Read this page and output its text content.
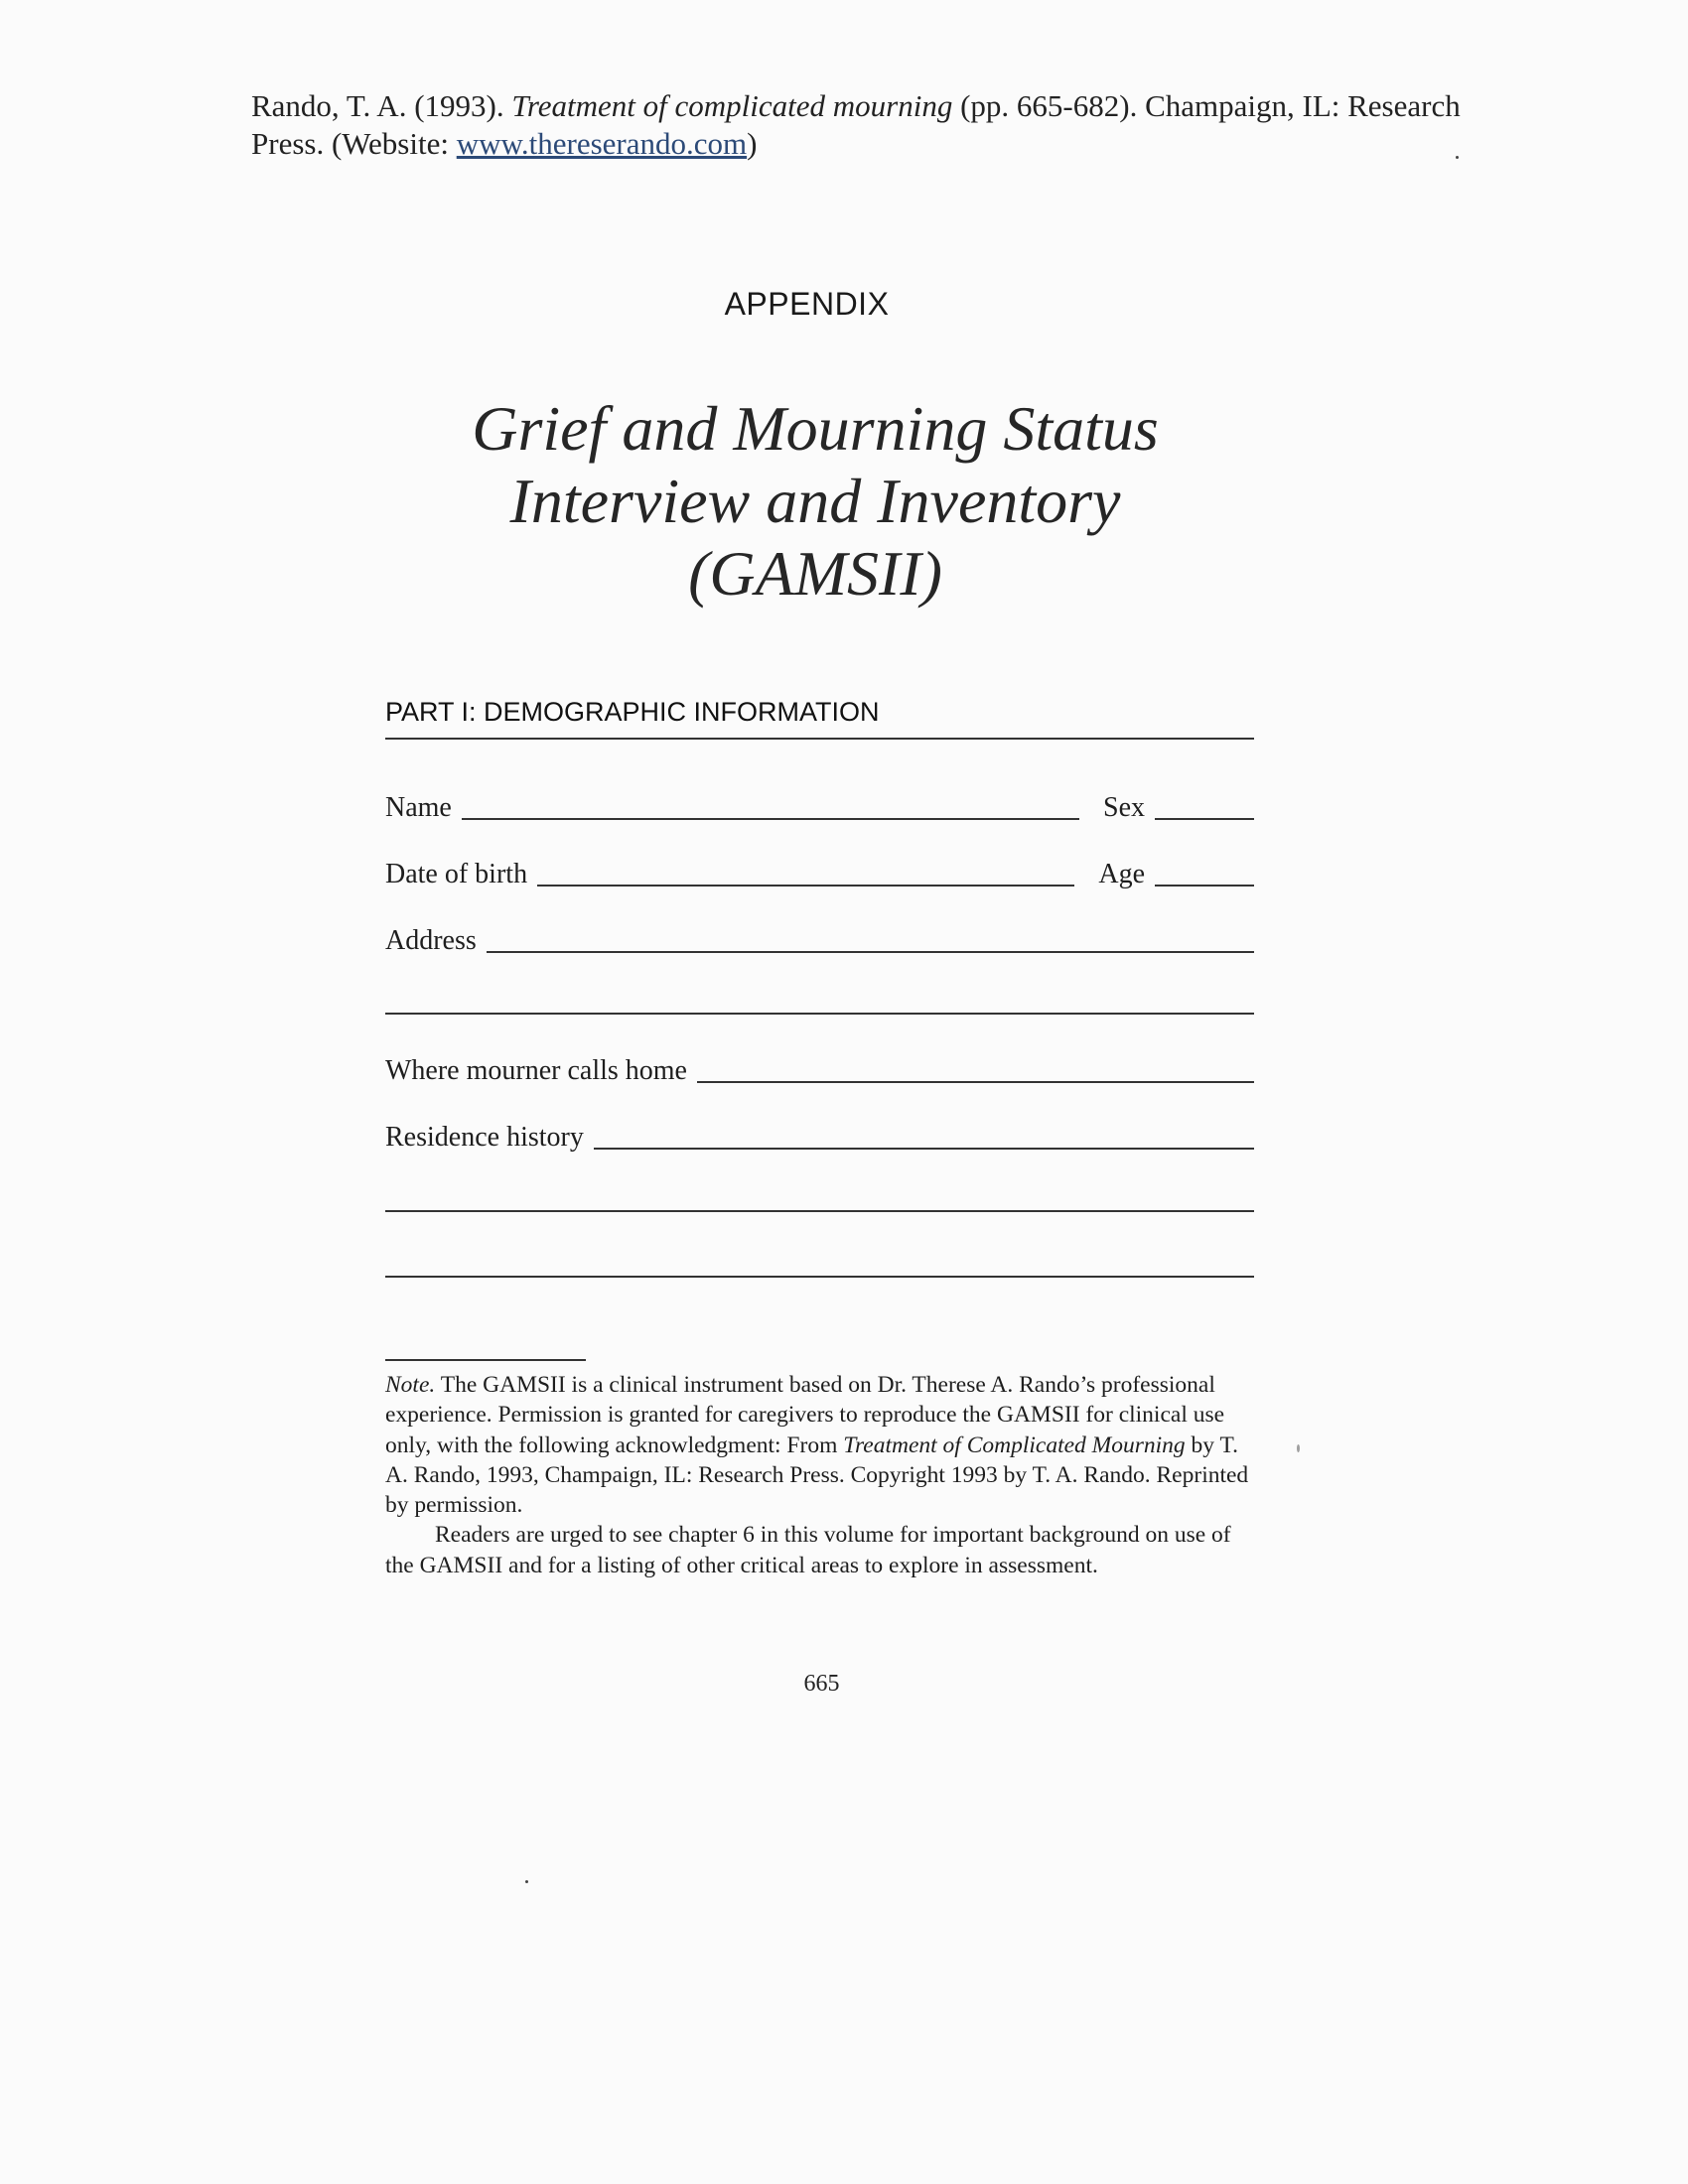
Rando, T. A. (1993). Treatment of complicated mourning (pp. 665-682). Champaign, IL: Research Press. (Website: www.thereserando.com)
APPENDIX
Grief and Mourning Status
Interview and Inventory
(GAMSII)
PART I: DEMOGRAPHIC INFORMATION
Name	Sex
Date of birth	Age
Address
Where mourner calls home
Residence history

Note. The GAMSII is a clinical instrument based on Dr. Therese A. Rando’s professional experience. Permission is granted for caregivers to reproduce the GAMSII for clinical use only, with the following acknowledgment: From Treatment of Complicated Mourning by T. A. Rando, 1993, Champaign, IL: Research Press. Copyright 1993 by T. A. Rando. Reprinted by permission.

Readers are urged to see chapter 6 in this volume for important background on use of the GAMSII and for a listing of other critical areas to explore in assessment.

665
